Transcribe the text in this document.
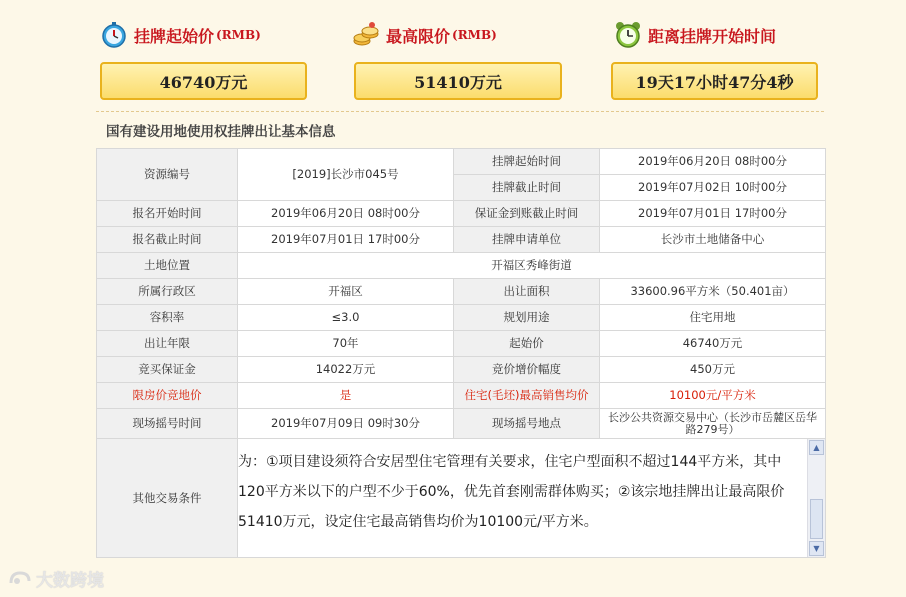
挂牌起始价 (RMB)
46740万元
最高限价 (RMB)
51410万元
距离挂牌开始时间
19天17小时47分4秒
国有建设用地使用权挂牌出让基本信息
资源编号	[2019]长沙市045号	挂牌起始时间	2019年06月20日 08时00分
		挂牌截止时间	2019年07月02日 10时00分
报名开始时间	2019年06月20日 08时00分	保证金到账截止时间	2019年07月01日 17时00分
报名截止时间	2019年07月01日 17时00分	挂牌申请单位	长沙市土地储备中心
土地位置	开福区秀峰街道		
所属行政区	开福区	出让面积	33600.96平方米（50.401亩）
容积率	≤3.0	规划用途	住宅用地
出让年限	70年	起始价	46740万元
竞买保证金	14022万元	竞价增价幅度	450万元
限房价竞地价	是	住宅(毛坯)最高销售均价	10100元/平方米
现场摇号时间	2019年07月09日 09时30分	现场摇号地点	长沙公共资源交易中心（长沙市岳麓区岳华路279号）
其他交易条件	为：①项目建设须符合安居型住宅管理有关要求，住宅户型面积不超过144平方米，其中120平方米以下的户型不少于60%，优先首套刚需群体购买；②该宗地挂牌出让最高限价51410万元，设定住宅最高销售均价为10100元/平方米。
▲
▼		
大数跨境
